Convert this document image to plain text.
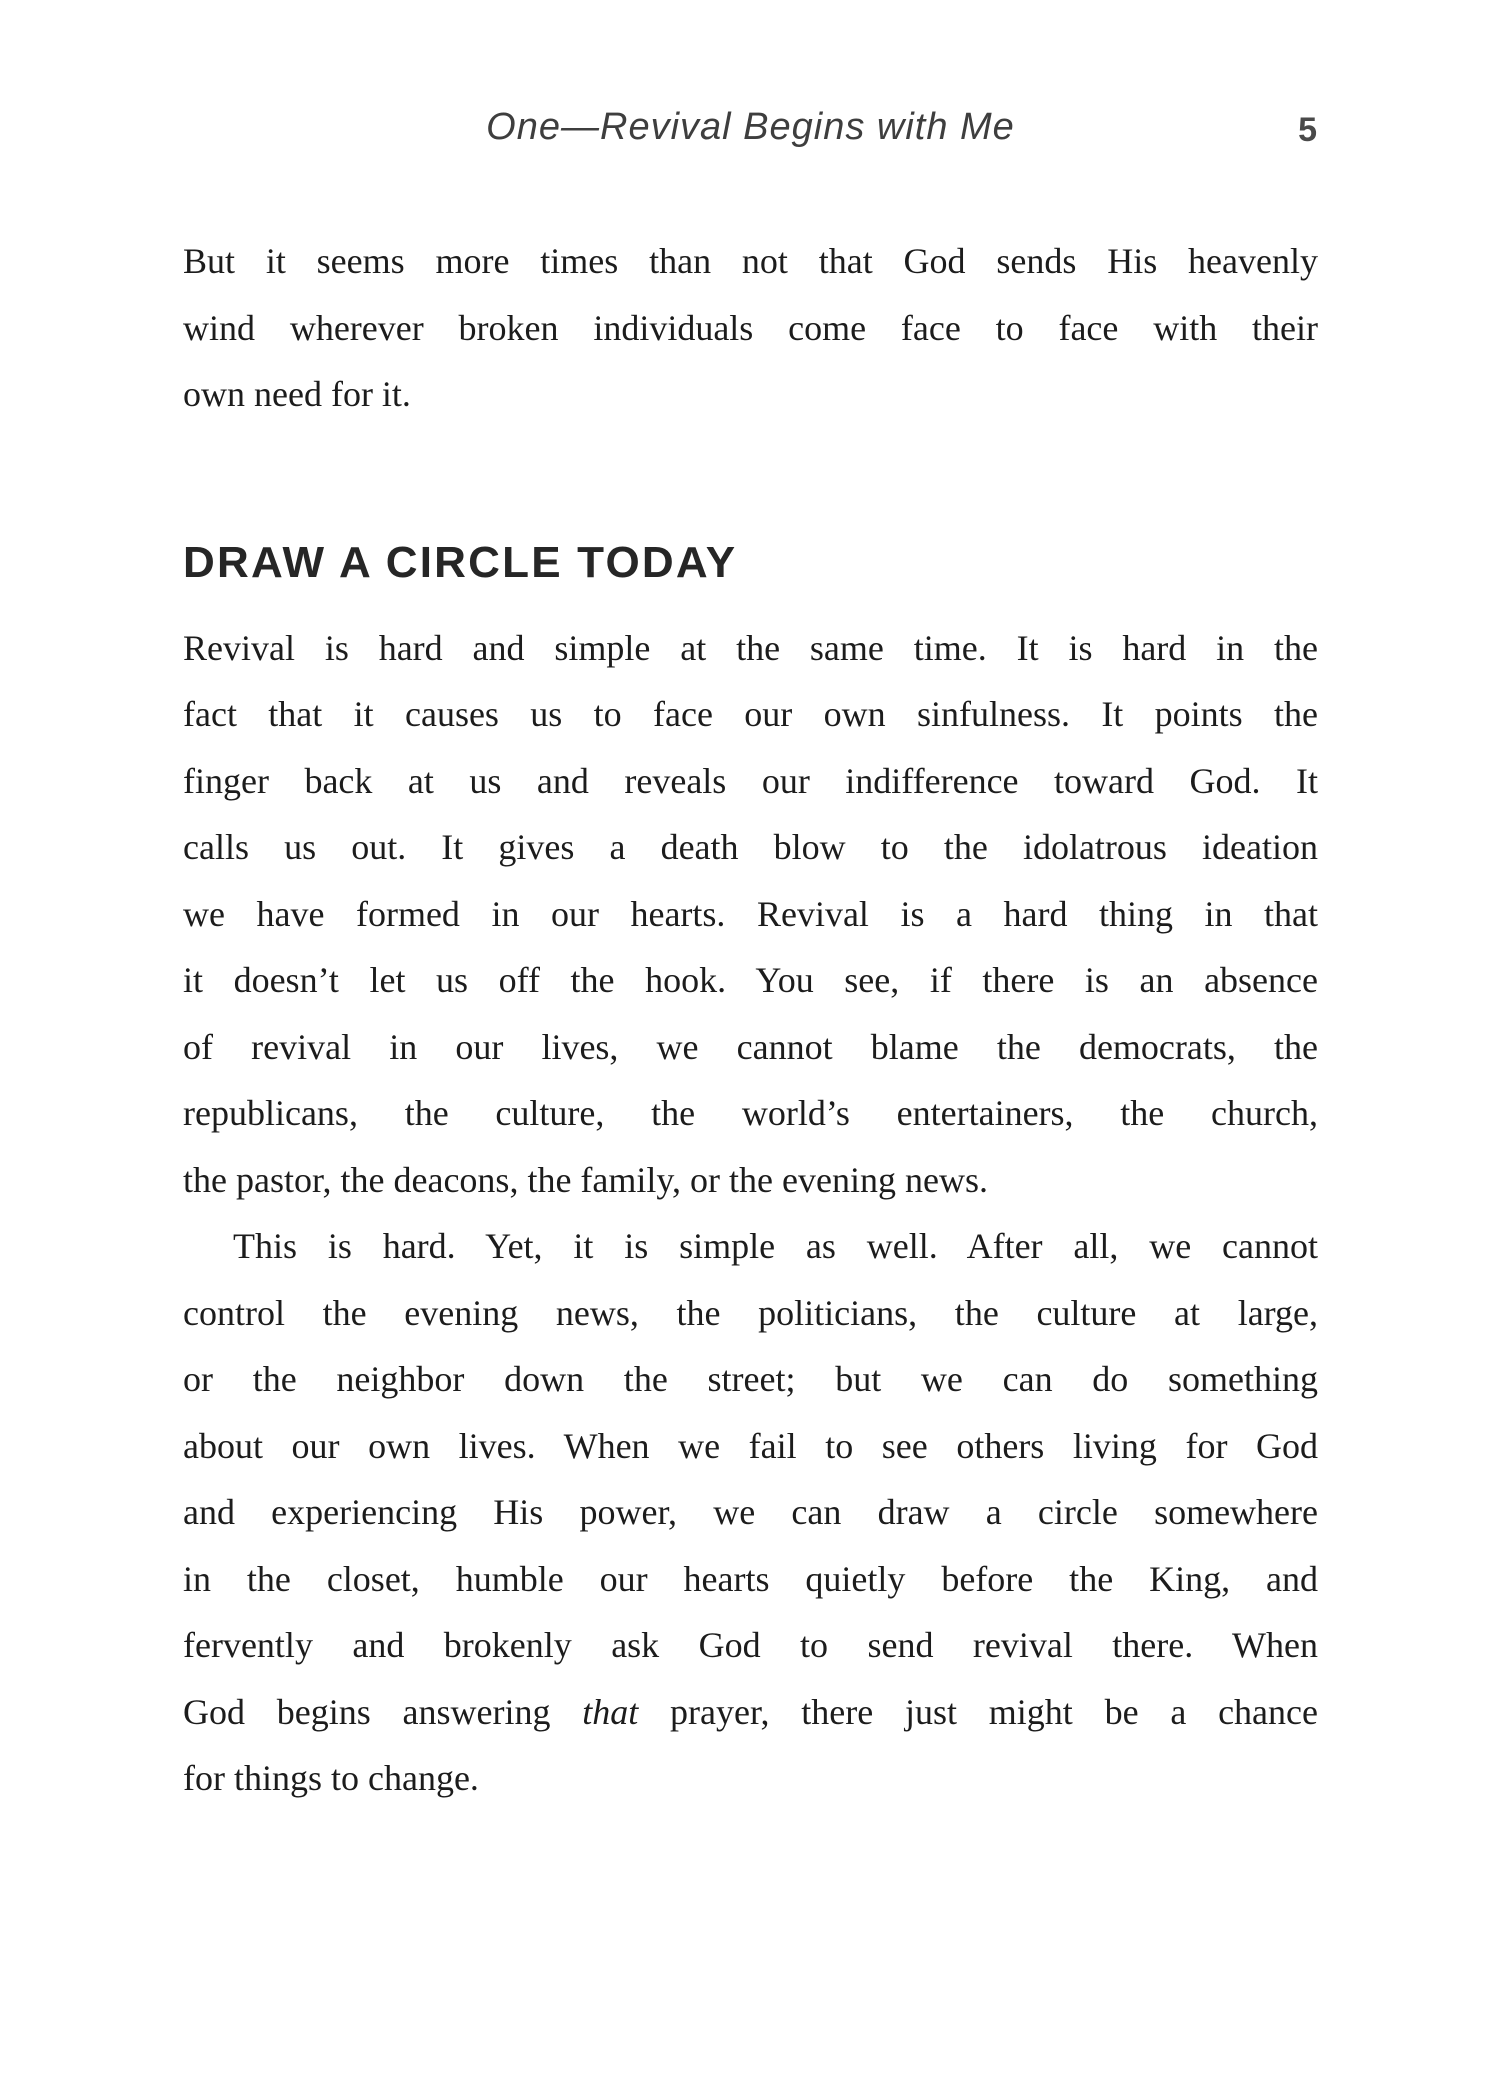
One—Revival Begins with Me	5
But it seems more times than not that God sends His heavenly
wind wherever broken individuals come face to face with their
own need for it.
DRAW A CIRCLE TODAY
Revival is hard and simple at the same time. It is hard in the
fact that it causes us to face our own sinfulness. It points the
finger back at us and reveals our indifference toward God. It
calls us out. It gives a death blow to the idolatrous ideation
we have formed in our hearts. Revival is a hard thing in that
it doesn’t let us off the hook. You see, if there is an absence
of revival in our lives, we cannot blame the democrats, the
republicans, the culture, the world’s entertainers, the church,
the pastor, the deacons, the family, or the evening news.
This is hard. Yet, it is simple as well. After all, we cannot
control the evening news, the politicians, the culture at large,
or the neighbor down the street; but we can do something
about our own lives. When we fail to see others living for God
and experiencing His power, we can draw a circle somewhere
in the closet, humble our hearts quietly before the King, and
fervently and brokenly ask God to send revival there. When
God begins answering that prayer, there just might be a chance
for things to change.
